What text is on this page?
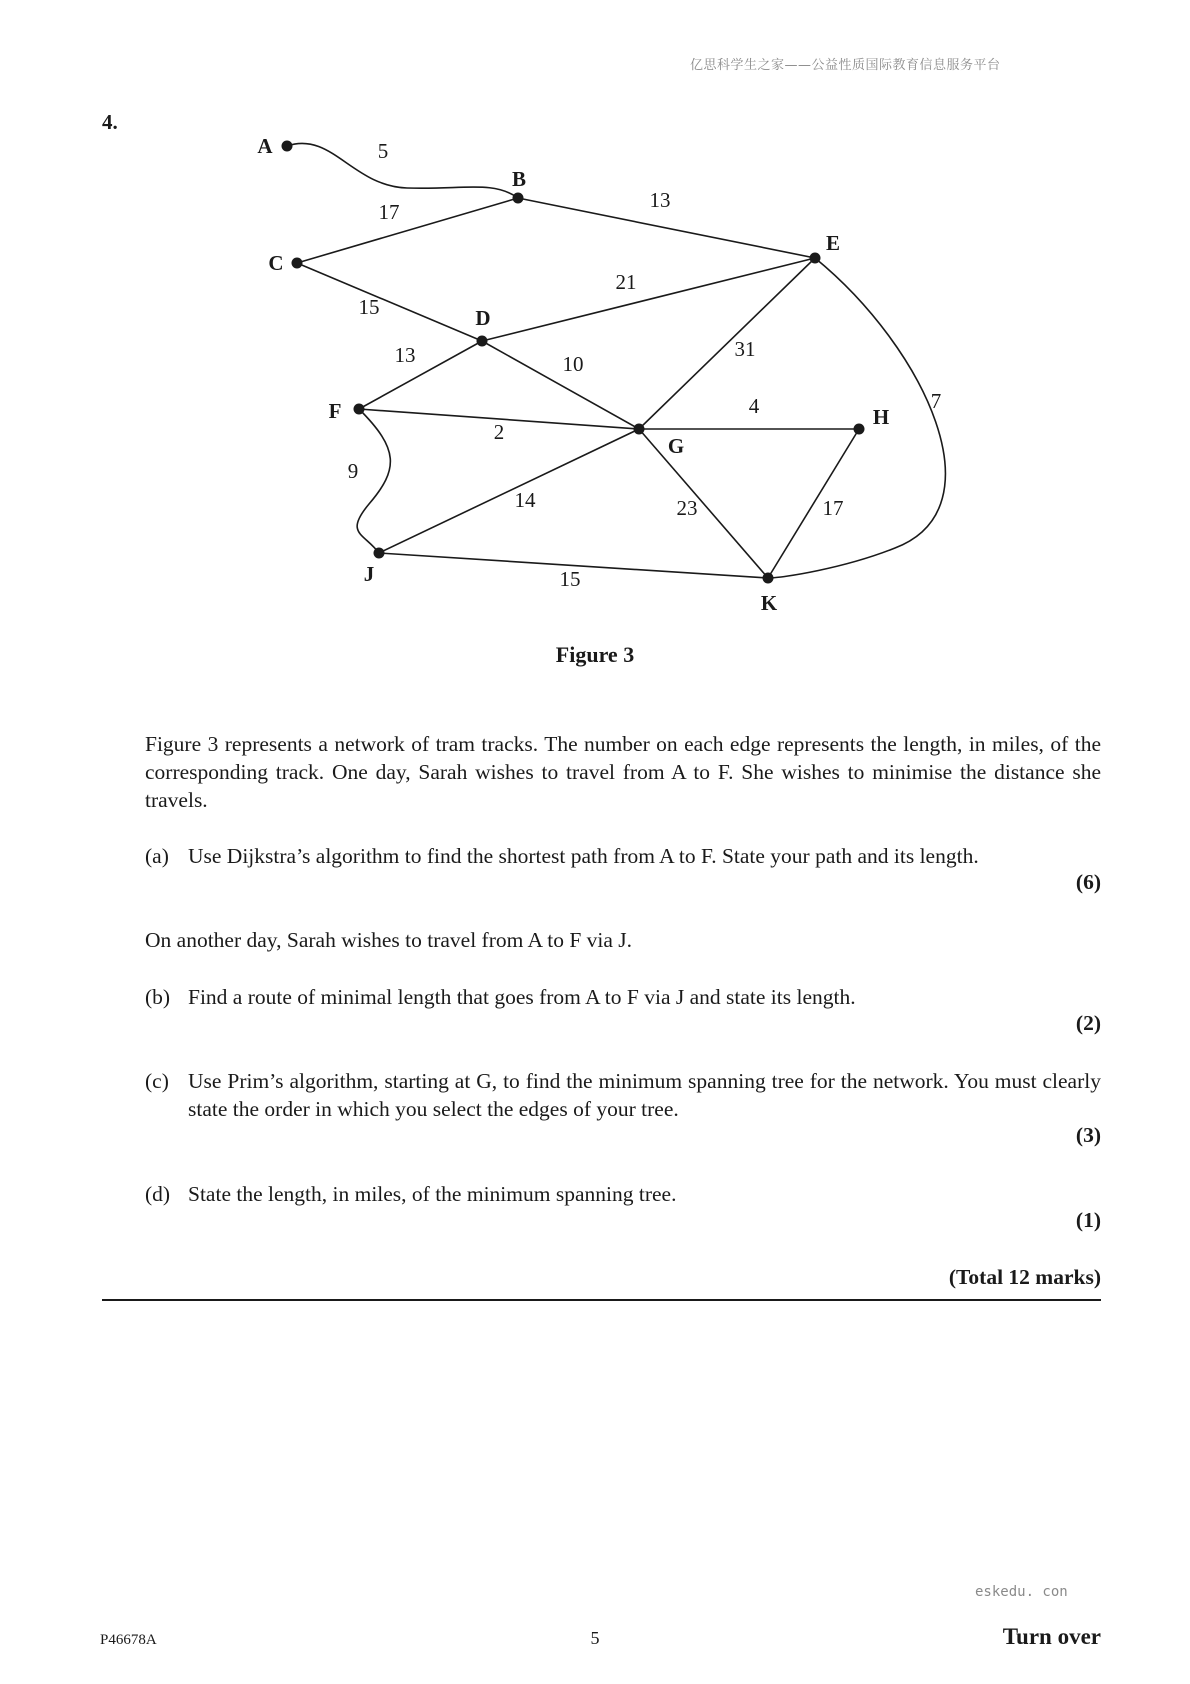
亿思科学生之家——公益性质国际教育信息服务平台
4.
5
17	13
15
21
13	10
31
7
2
4
9
14	23	17
15
A
B
C
D
E
F
G
H
J
K
Figure 3
Figure 3 represents a network of tram tracks. The number on each edge represents the length, in miles, of the corresponding track. One day, Sarah wishes to travel from A to F. She wishes to minimise the distance she travels.
(a) Use Dijkstra’s algorithm to find the shortest path from A to F. State your path and its length.
(6)
On another day, Sarah wishes to travel from A to F via J.
(b) Find a route of minimal length that goes from A to F via J and state its length.
(2)
(c) Use Prim’s algorithm, starting at G, to find the minimum spanning tree for the network. You must clearly state the order in which you select the edges of your tree.
(3)
(d) State the length, in miles, of the minimum spanning tree.
(1)
(Total 12 marks)
eskedu. con
P46678A	5	Turn over
